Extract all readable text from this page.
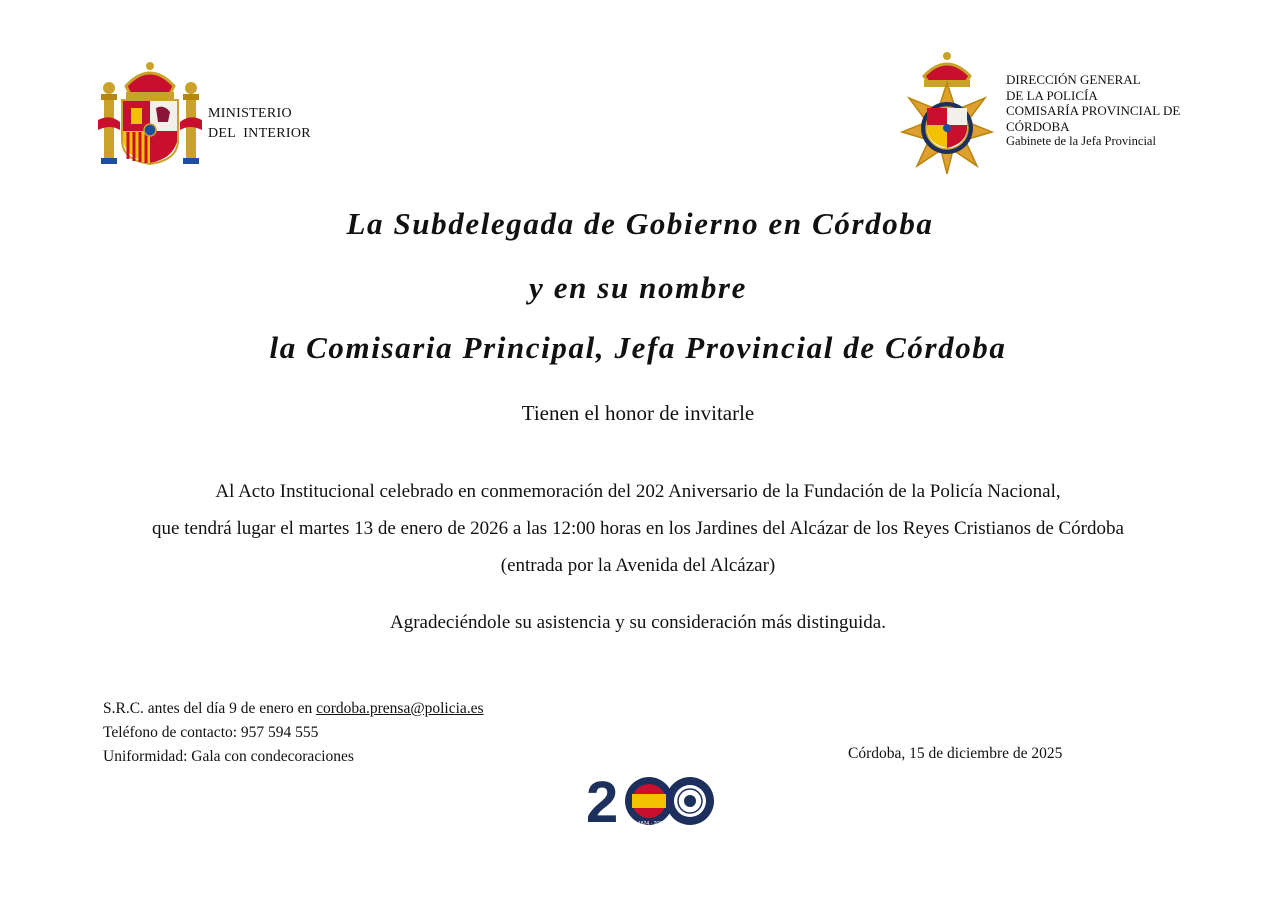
MINISTERIO
DEL  INTERIOR
DIRECCIÓN GENERAL
DE LA POLICÍA
COMISARÍA PROVINCIAL DE
CÓRDOBA
Gabinete de la Jefa Provincial
La Subdelegada de Gobierno en Córdoba
y en su nombre
la Comisaria Principal, Jefa Provincial de Córdoba
Tienen el honor de invitarle
Al Acto Institucional celebrado en conmemoración del 202 Aniversario de la Fundación de la Policía Nacional,
que tendrá lugar el martes 13 de enero de 2026 a las 12:00 horas en los Jardines del Alcázar de los Reyes Cristianos de Córdoba
(entrada por la Avenida del Alcázar)
Agradeciéndole su asistencia y su consideración más distinguida.
S.R.C. antes del día 9 de enero en cordoba.prensa@policia.es
Teléfono de contacto: 957 594 555
Uniformidad: Gala con condecoraciones	Córdoba, 15 de diciembre de 2025
2	1824 · 2024
